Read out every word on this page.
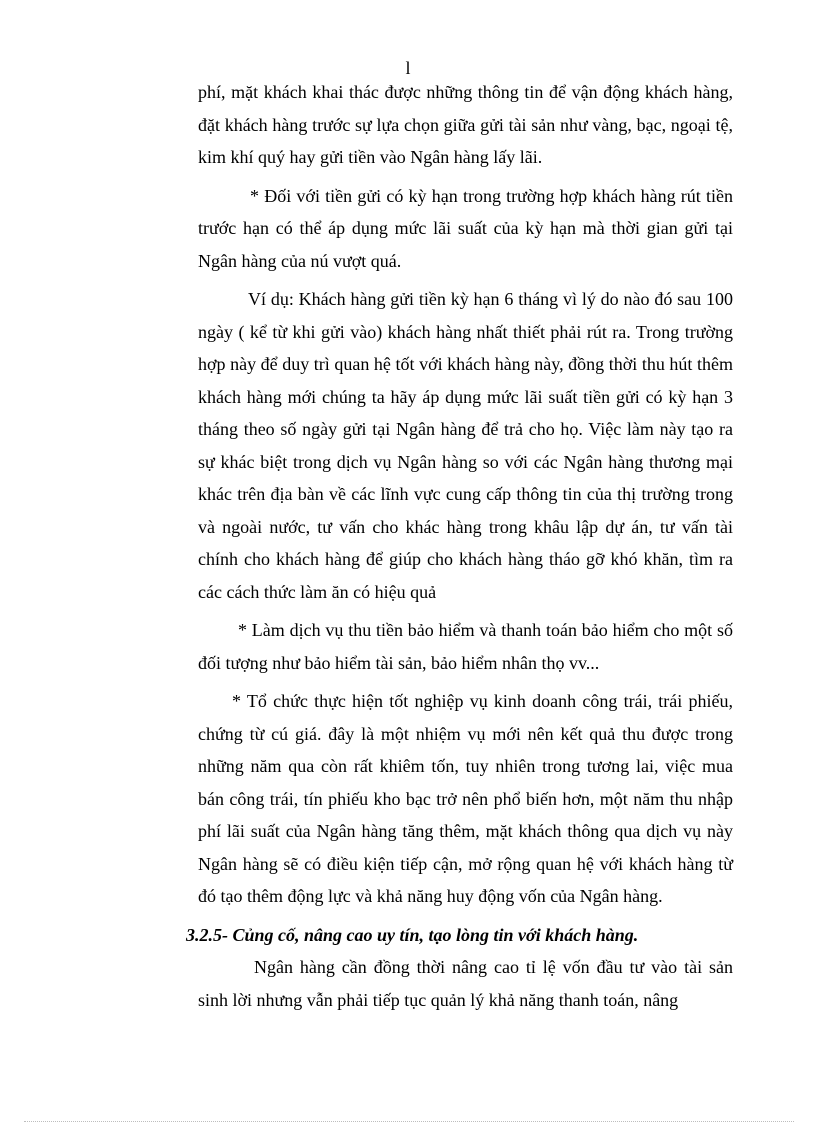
l

phí, mặt khách khai thác được những thông tin để vận động khách hàng, đặt khách hàng trước sự lựa chọn giữa gửi tài sản như vàng, bạc, ngoại tệ, kim khí quý hay gửi tiền vào Ngân hàng lấy lãi.

* Đối với tiền gửi có kỳ hạn trong trường hợp khách hàng rút tiền trước hạn có thể áp dụng mức lãi suất của kỳ hạn mà thời gian gửi tại Ngân hàng của nú vượt quá.

Ví dụ: Khách hàng gửi tiền kỳ hạn 6 tháng vì lý do nào đó sau 100 ngày ( kể từ khi gửi vào) khách hàng nhất thiết phải rút ra. Trong trường hợp này để duy trì quan hệ tốt với khách hàng này, đồng thời thu hút thêm khách hàng mới chúng ta hãy áp dụng mức lãi suất tiền gửi có kỳ hạn 3 tháng theo số ngày gửi tại Ngân hàng để trả cho họ. Việc làm này tạo ra sự khác biệt trong dịch vụ Ngân hàng so với các Ngân hàng thương mại khác trên địa bàn về các lĩnh vực cung cấp thông tin của thị trường trong và ngoài nước, tư vấn cho khác hàng trong khâu lập dự án, tư vấn tài chính cho khách hàng để giúp cho khách hàng tháo gỡ khó khăn, tìm ra các cách thức làm ăn có hiệu quả

* Làm dịch vụ thu tiền bảo hiểm và thanh toán bảo hiểm cho một số đối tượng như bảo hiểm tài sản, bảo hiểm nhân thọ vv...

* Tổ chức thực hiện tốt nghiệp vụ kinh doanh công trái, trái phiếu, chứng từ cú giá. đây là một nhiệm vụ mới nên kết quả thu được trong những năm qua còn rất khiêm tốn, tuy nhiên trong tương lai, việc mua bán công trái, tín phiếu kho bạc trở nên phổ biến hơn, một năm thu nhập phí lãi suất của Ngân hàng tăng thêm, mặt khách thông qua dịch vụ này Ngân hàng sẽ có điều kiện tiếp cận, mở rộng quan hệ với khách hàng từ đó tạo thêm động lực và khả năng huy động vốn của Ngân hàng.

3.2.5- Củng cố, nâng cao uy tín, tạo lòng tin với khách hàng.

Ngân hàng cần đồng thời nâng cao tỉ lệ vốn đầu tư vào tài sản sinh lời nhưng vẫn phải tiếp tục quản lý khả năng thanh toán, nâng
